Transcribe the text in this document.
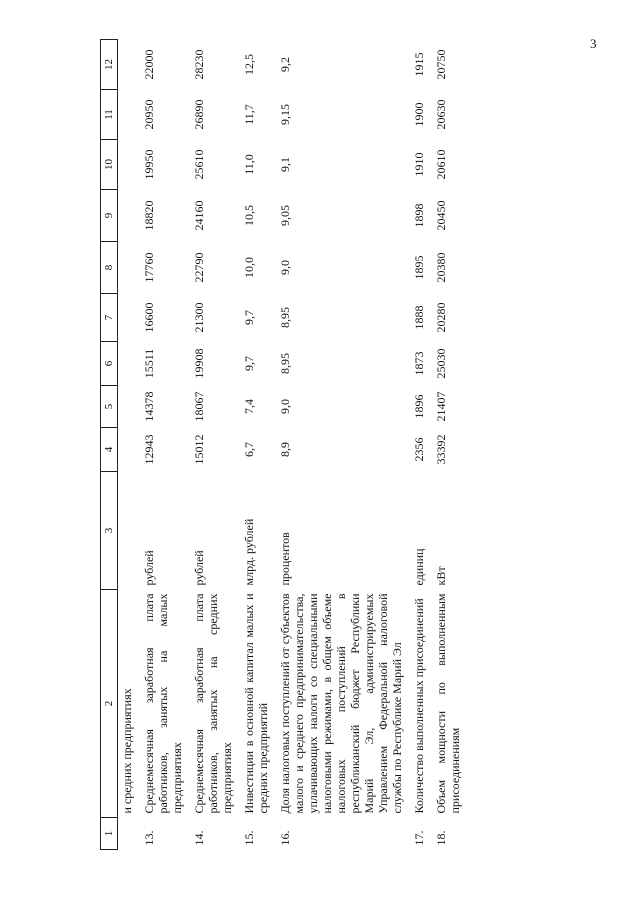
3
1	2	3	4	5	6	7	8	9	10	11	12
	и средних предприятиях										
13.	Среднемесячная заработная плата работников, занятых на малых предприятиях	рублей	12943	14378	15511	16600	17760	18820	19950	20950	22000
14.	Среднемесячная заработная плата работников, занятых на средних предприятиях	рублей	15012	18067	19908	21300	22790	24160	25610	26890	28230
15.	Инвестиции в основной капитал малых и средних предприятий	млрд. рублей	6,7	7,4	9,7	9,7	10,0	10,5	11,0	11,7	12,5
16.	Доля налоговых поступлений от субъектов малого и среднего предпринимательства, уплачивающих налоги со специальными налоговыми режимами, в общем объеме налоговых поступлений в республиканский бюджет Республики Марий Эл, администрируемых Управлением Федеральной налоговой службы по Республике Марий Эл	процентов	8,9	9,0	8,95	8,95	9,0	9,05	9,1	9,15	9,2
17.	Количество выполненных присоединений	единиц	2356	1896	1873	1888	1895	1898	1910	1900	1915
18.	Объем мощности по выполненным присоединениям	кВт	33392	21407	25030	20280	20380	20450	20610	20630	20750
